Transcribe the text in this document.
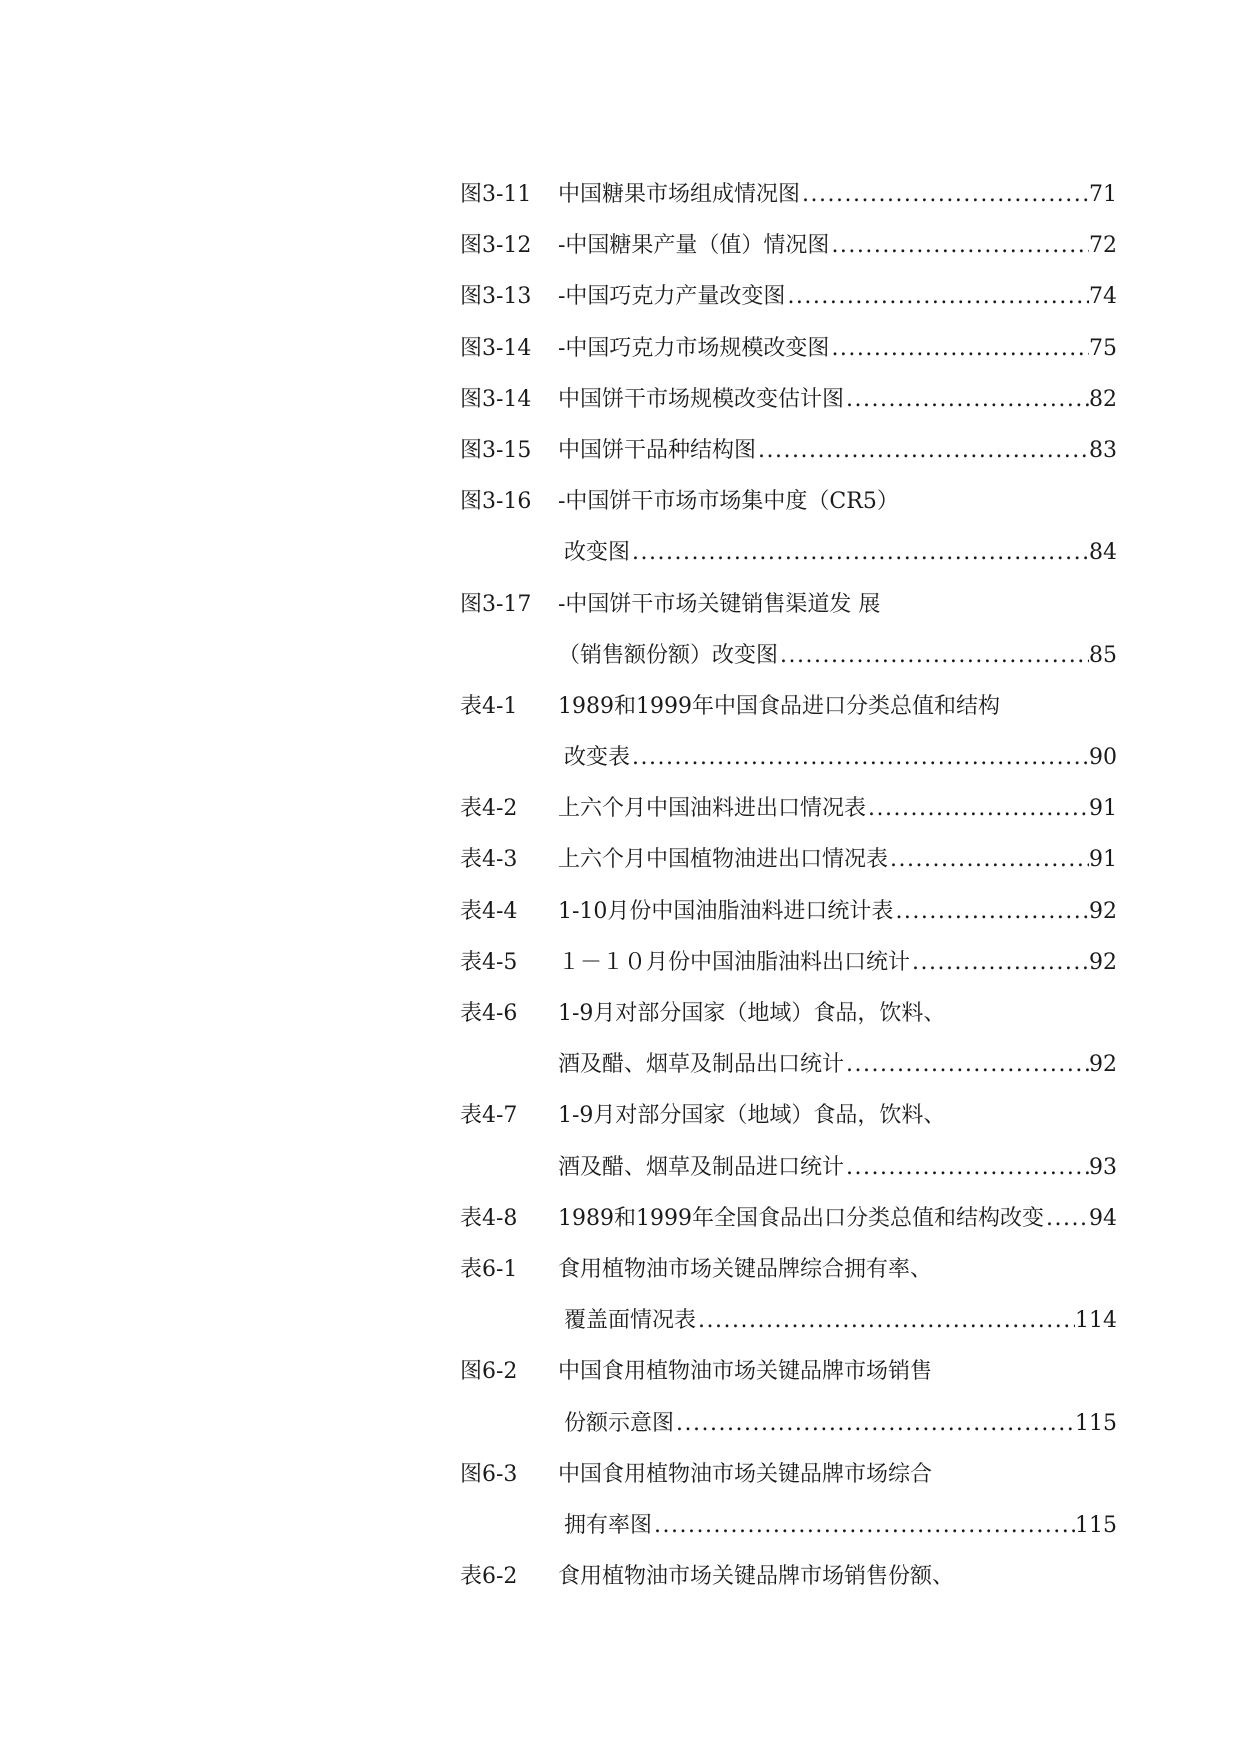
图3-11	中国糖果市场组成情况图 .....	71
图3-12	-中国糖果产量（值）情况图 .....	72
图3-13	-中国巧克力产量改变图 .....	74
图3-14	-中国巧克力市场规模改变图 .....	75
图3-14	中国饼干市场规模改变估计图 .....	82
图3-15	中国饼干品种结构图 .....	83
图3-16	-中国饼干市场市场集中度（CR5）
改变图 .....	84
图3-17	-中国饼干市场关键销售渠道发 展
（销售额份额）改变图 .....	85
表4-1	1989和1999年中国食品进口分类总值和结构
改变表 .....	90
表4-2	上六个月中国油料进出口情况表 .....	91
表4-3	上六个月中国植物油进出口情况表 .....	91
表4-4	1-10月份中国油脂油料进口统计表 .....	92
表4-5	１－１０月份中国油脂油料出口统计 .....	92
表4-6	1-9月对部分国家（地域）食品，饮料、
酒及醋、烟草及制品出口统计 .....	92
表4-7	1-9月对部分国家（地域）食品，饮料、
酒及醋、烟草及制品进口统计 .....	93
表4-8	1989和1999年全国食品出口分类总值和结构改变 ..... 94
表6-1	食用植物油市场关键品牌综合拥有率、
覆盖面情况表 .....	114
图6-2	中国食用植物油市场关键品牌市场销售
份额示意图 .....	115
图6-3	中国食用植物油市场关键品牌市场综合
拥有率图 .....	115
表6-2	食用植物油市场关键品牌市场销售份额、
